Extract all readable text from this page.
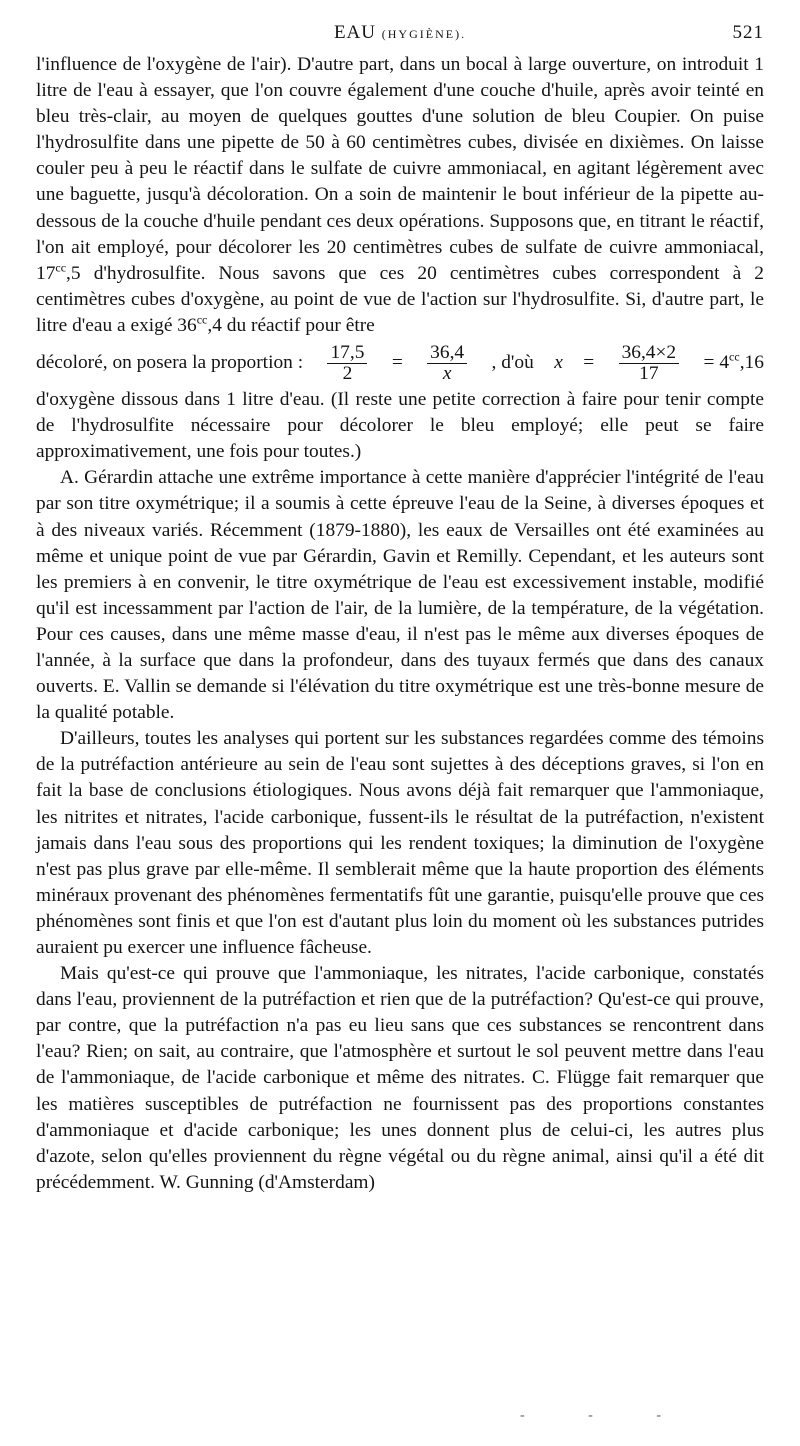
EAU (HYGIÈNE).	521

l'influence de l'oxygène de l'air). D'autre part, dans un bocal à large ouverture, on introduit 1 litre de l'eau à essayer, que l'on couvre également d'une couche d'huile, après avoir teinté en bleu très-clair, au moyen de quelques gouttes d'une solution de bleu Coupier. On puise l'hydrosulfite dans une pipette de 50 à 60 centimètres cubes, divisée en dixièmes. On laisse couler peu à peu le réactif dans le sulfate de cuivre ammoniacal, en agitant légèrement avec une baguette, jusqu'à décoloration. On a soin de maintenir le bout inférieur de la pipette au-dessous de la couche d'huile pendant ces deux opérations. Supposons que, en titrant le réactif, l'on ait employé, pour décolorer les 20 centimètres cubes de sulfate de cuivre ammoniacal, $17^{cc},5$ d'hydrosulfite. Nous savons que ces 20 centimètres cubes correspondent à 2 centimètres cubes d'oxygène, au point de vue de l'action sur l'hydrosulfite. Si, d'autre part, le litre d'eau a exigé $36^{cc},4$ du réactif pour être

décoloré, on posera la proportion : $\frac{17,5}{2} = \frac{36,4}{x}$ , d'où $x = \frac{36,4\times 2}{17} = 4^{cc},16$

d'oxygène dissous dans 1 litre d'eau. (Il reste une petite correction à faire pour tenir compte de l'hydrosulfite nécessaire pour décolorer le bleu employé; elle peut se faire approximativement, une fois pour toutes.)

A. Gérardin attache une extrême importance à cette manière d'apprécier l'intégrité de l'eau par son titre oxymétrique; il a soumis à cette épreuve l'eau de la Seine, à diverses époques et à des niveaux variés. Récemment (1879-1880), les eaux de Versailles ont été examinées au même et unique point de vue par Gérardin, Gavin et Remilly. Cependant, et les auteurs sont les premiers à en convenir, le titre oxymétrique de l'eau est excessivement instable, modifié qu'il est incessamment par l'action de l'air, de la lumière, de la température, de la végétation. Pour ces causes, dans une même masse d'eau, il n'est pas le même aux diverses époques de l'année, à la surface que dans la profondeur, dans des tuyaux fermés que dans des canaux ouverts. E. Vallin se demande si l'élévation du titre oxymétrique est une très-bonne mesure de la qualité potable.

D'ailleurs, toutes les analyses qui portent sur les substances regardées comme des témoins de la putréfaction antérieure au sein de l'eau sont sujettes à des déceptions graves, si l'on en fait la base de conclusions étiologiques. Nous avons déjà fait remarquer que l'ammoniaque, les nitrites et nitrates, l'acide carbonique, fussent-ils le résultat de la putréfaction, n'existent jamais dans l'eau sous des proportions qui les rendent toxiques; la diminution de l'oxygène n'est pas plus grave par elle-même. Il semblerait même que la haute proportion des éléments minéraux provenant des phénomènes fermentatifs fût une garantie, puisqu'elle prouve que ces phénomènes sont finis et que l'on est d'autant plus loin du moment où les substances putrides auraient pu exercer une influence fâcheuse.

Mais qu'est-ce qui prouve que l'ammoniaque, les nitrates, l'acide carbonique, constatés dans l'eau, proviennent de la putréfaction et rien que de la putréfaction? Qu'est-ce qui prouve, par contre, que la putréfaction n'a pas eu lieu sans que ces substances se rencontrent dans l'eau? Rien; on sait, au contraire, que l'atmosphère et surtout le sol peuvent mettre dans l'eau de l'ammoniaque, de l'acide carbonique et même des nitrates. C. Flügge fait remarquer que les matières susceptibles de putréfaction ne fournissent pas des proportions constantes d'ammoniaque et d'acide carbonique; les unes donnent plus de celui-ci, les autres plus d'azote, selon qu'elles proviennent du règne végétal ou du règne animal, ainsi qu'il a été dit précédemment. W. Gunning (d'Amsterdam)

- - -
